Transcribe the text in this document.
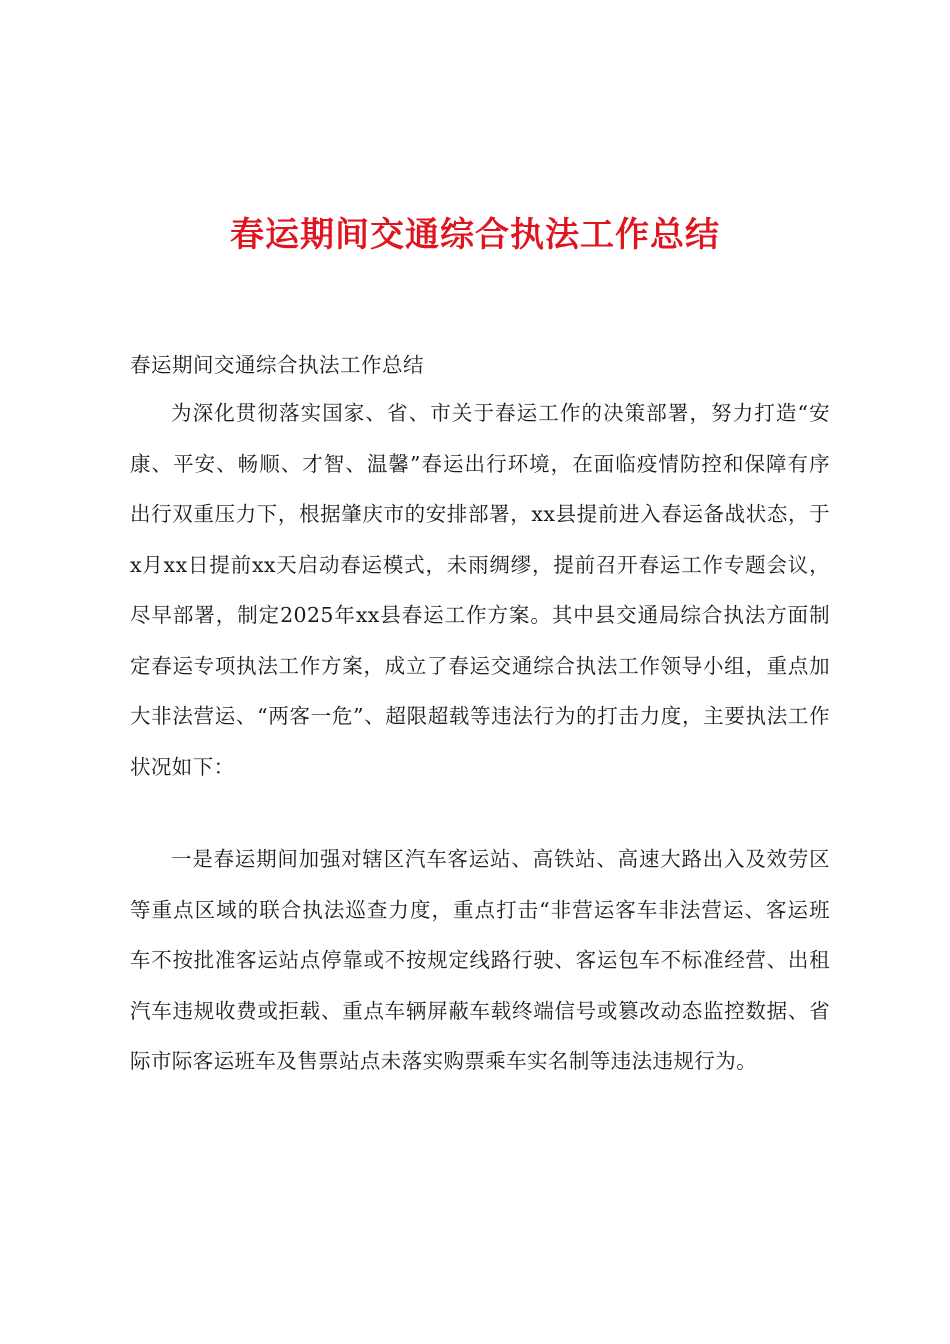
春运期间交通综合执法工作总结
春运期间交通综合执法工作总结

为深化贯彻落实国家、省、市关于春运工作的决策部署，努力打造“安康、平安、畅顺、才智、温馨”春运出行环境，在面临疫情防控和保障有序出行双重压力下，根据肇庆市的安排部署，xx县提前进入春运备战状态，于x月xx日提前xx天启动春运模式，未雨绸缪，提前召开春运工作专题会议，尽早部署，制定2025年xx县春运工作方案。其中县交通局综合执法方面制定春运专项执法工作方案，成立了春运交通综合执法工作领导小组，重点加大非法营运、“两客一危”、超限超载等违法行为的打击力度，主要执法工作状况如下：

一是春运期间加强对辖区汽车客运站、高铁站、高速大路出入及效劳区等重点区域的联合执法巡查力度，重点打击“非营运客车非法营运、客运班车不按批准客运站点停靠或不按规定线路行驶、客运包车不标准经营、出租汽车违规收费或拒载、重点车辆屏蔽车载终端信号或篡改动态监控数据、省际市际客运班车及售票站点未落实购票乘车实名制等违法违规行为。
